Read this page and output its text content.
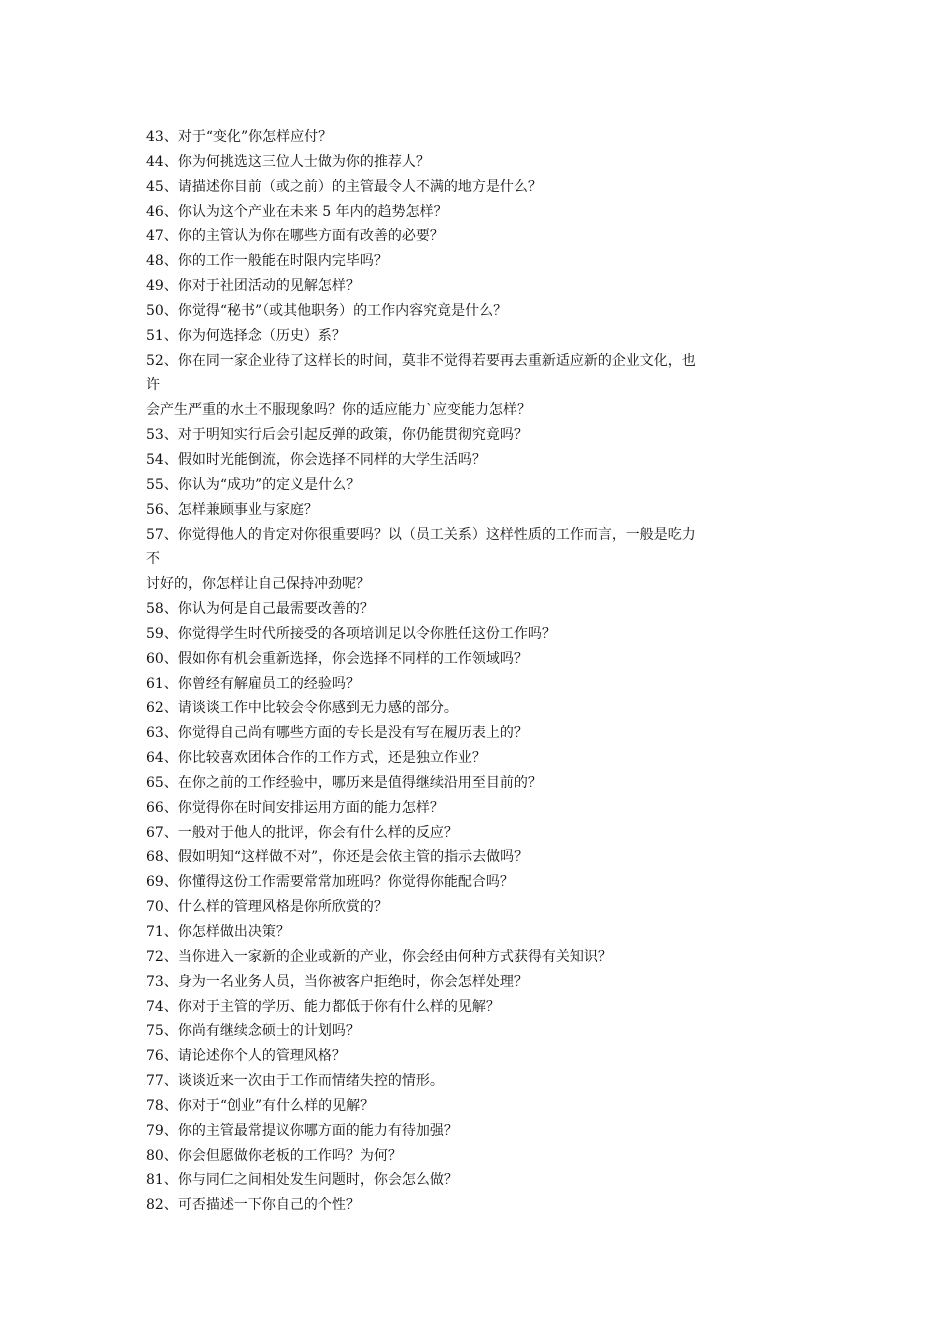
43、对于“变化”你怎样应付？
44、你为何挑选这三位人士做为你的推荐人？
45、请描述你目前（或之前）的主管最令人不满的地方是什么？
46、你认为这个产业在未来 5 年内的趋势怎样？
47、你的主管认为你在哪些方面有改善的必要？
48、你的工作一般能在时限内完毕吗？
49、你对于社团活动的见解怎样？
50、你觉得“秘书”（或其他职务）的工作内容究竟是什么？
51、你为何选择念（历史）系？
52、你在同一家企业待了这样长的时间，莫非不觉得若要再去重新适应新的企业文化，也
许
会产生严重的水土不服现象吗？你的适应能力`应变能力怎样？
53、对于明知实行后会引起反弹的政策，你仍能贯彻究竟吗？
54、假如时光能倒流，你会选择不同样的大学生活吗？
55、你认为“成功”的定义是什么？
56、怎样兼顾事业与家庭？
57、你觉得他人的肯定对你很重要吗？以（员工关系）这样性质的工作而言，一般是吃力
不
讨好的，你怎样让自己保持冲劲呢？
58、你认为何是自己最需要改善的？
59、你觉得学生时代所接受的各项培训足以令你胜任这份工作吗？
60、假如你有机会重新选择，你会选择不同样的工作领域吗？
61、你曾经有解雇员工的经验吗？
62、请谈谈工作中比较会令你感到无力感的部分。
63、你觉得自己尚有哪些方面的专长是没有写在履历表上的？
64、你比较喜欢团体合作的工作方式，还是独立作业？
65、在你之前的工作经验中，哪历来是值得继续沿用至目前的？
66、你觉得你在时间安排运用方面的能力怎样？
67、一般对于他人的批评，你会有什么样的反应？
68、假如明知“这样做不对”，你还是会依主管的指示去做吗？
69、你懂得这份工作需要常常加班吗？你觉得你能配合吗？
70、什么样的管理风格是你所欣赏的？
71、你怎样做出决策？
72、当你进入一家新的企业或新的产业，你会经由何种方式获得有关知识？
73、身为一名业务人员，当你被客户拒绝时，你会怎样处理？
74、你对于主管的学历、能力都低于你有什么样的见解？
75、你尚有继续念硕士的计划吗？
76、请论述你个人的管理风格？
77、谈谈近来一次由于工作而情绪失控的情形。
78、你对于“创业”有什么样的见解？
79、你的主管最常提议你哪方面的能力有待加强？
80、你会但愿做你老板的工作吗？为何？
81、你与同仁之间相处发生问题时，你会怎么做？
82、可否描述一下你自己的个性？
